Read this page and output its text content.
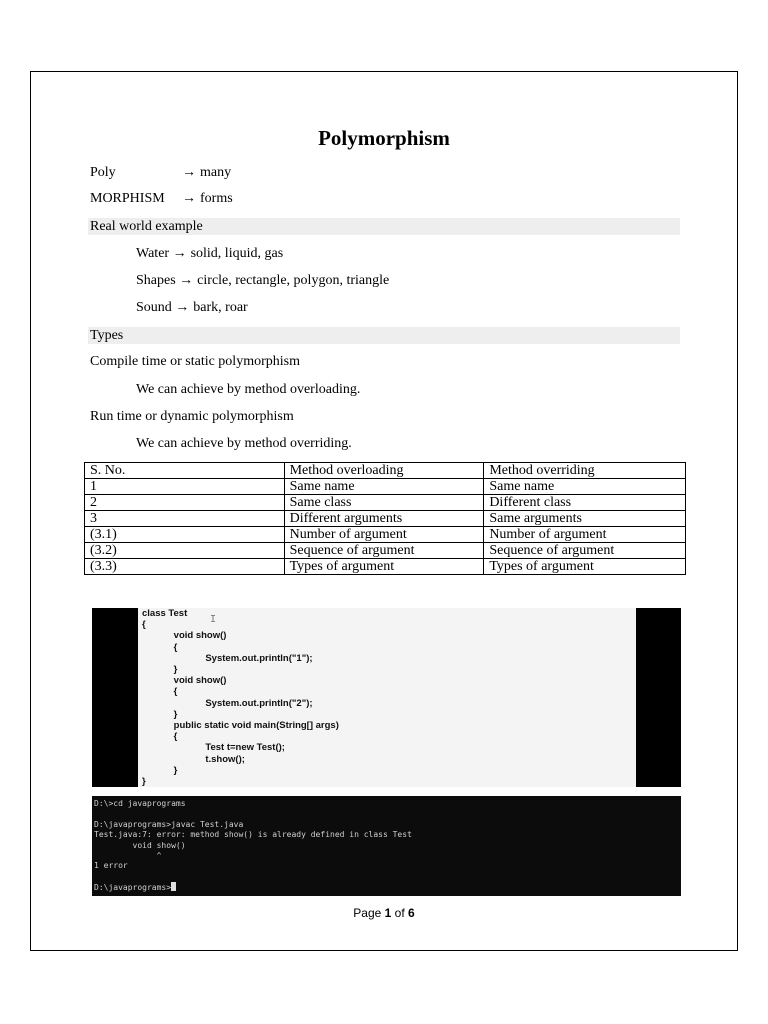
Polymorphism
Poly	→ many
MORPHISM → forms
Real world example
Water → solid, liquid, gas
Shapes → circle, rectangle, polygon, triangle
Sound → bark, roar
Types
Compile time or static polymorphism
We can achieve by method overloading.
Run time or dynamic polymorphism
We can achieve by method overriding.
S. No.	Method overloading	Method overriding
1	Same name	Same name
2	Same class	Different class
3	Different arguments	Same arguments
(3.1)	Number of argument	Number of argument
(3.2)	Sequence of argument	Sequence of argument
(3.3)	Types of argument	Types of argument
I
class Test
{
void show()
{
System.out.println("1");
}
void show()
{
System.out.println("2");
}
public static void main(String[] args)
{
Test t=new Test();
t.show();
}
}
D:\>cd javaprograms

D:\javaprograms>javac Test.java
Test.java:7: error: method show() is already defined in class Test
void show()
^
1 error

D:\javaprograms>
Page 1 of 6
